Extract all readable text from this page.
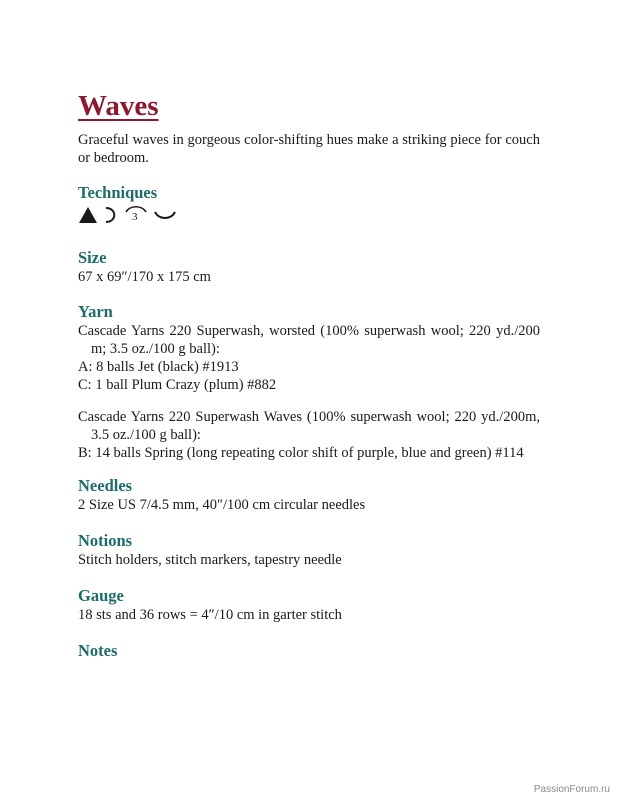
Waves

Graceful waves in gorgeous color-shifting hues make a striking piece for couch or bedroom.

Techniques
3
Size

67 x 69″/170 x 175 cm

Yarn

Cascade Yarns 220 Superwash, worsted (100% superwash wool; 220 yd./200 m; 3.5 oz./100 g ball):

A: 8 balls Jet (black) #1913

C: 1 ball Plum Crazy (plum) #882

Cascade Yarns 220 Superwash Waves (100% superwash wool; 220 yd./200m, 3.5 oz./100 g ball):

B: 14 balls Spring (long repeating color shift of purple, blue and green) #114

Needles

2 Size US 7/4.5 mm, 40″/100 cm circular needles

Notions

Stitch holders, stitch markers, tapestry needle

Gauge

18 sts and 36 rows = 4″/10 cm in garter stitch

Notes
PassionForum.ru
